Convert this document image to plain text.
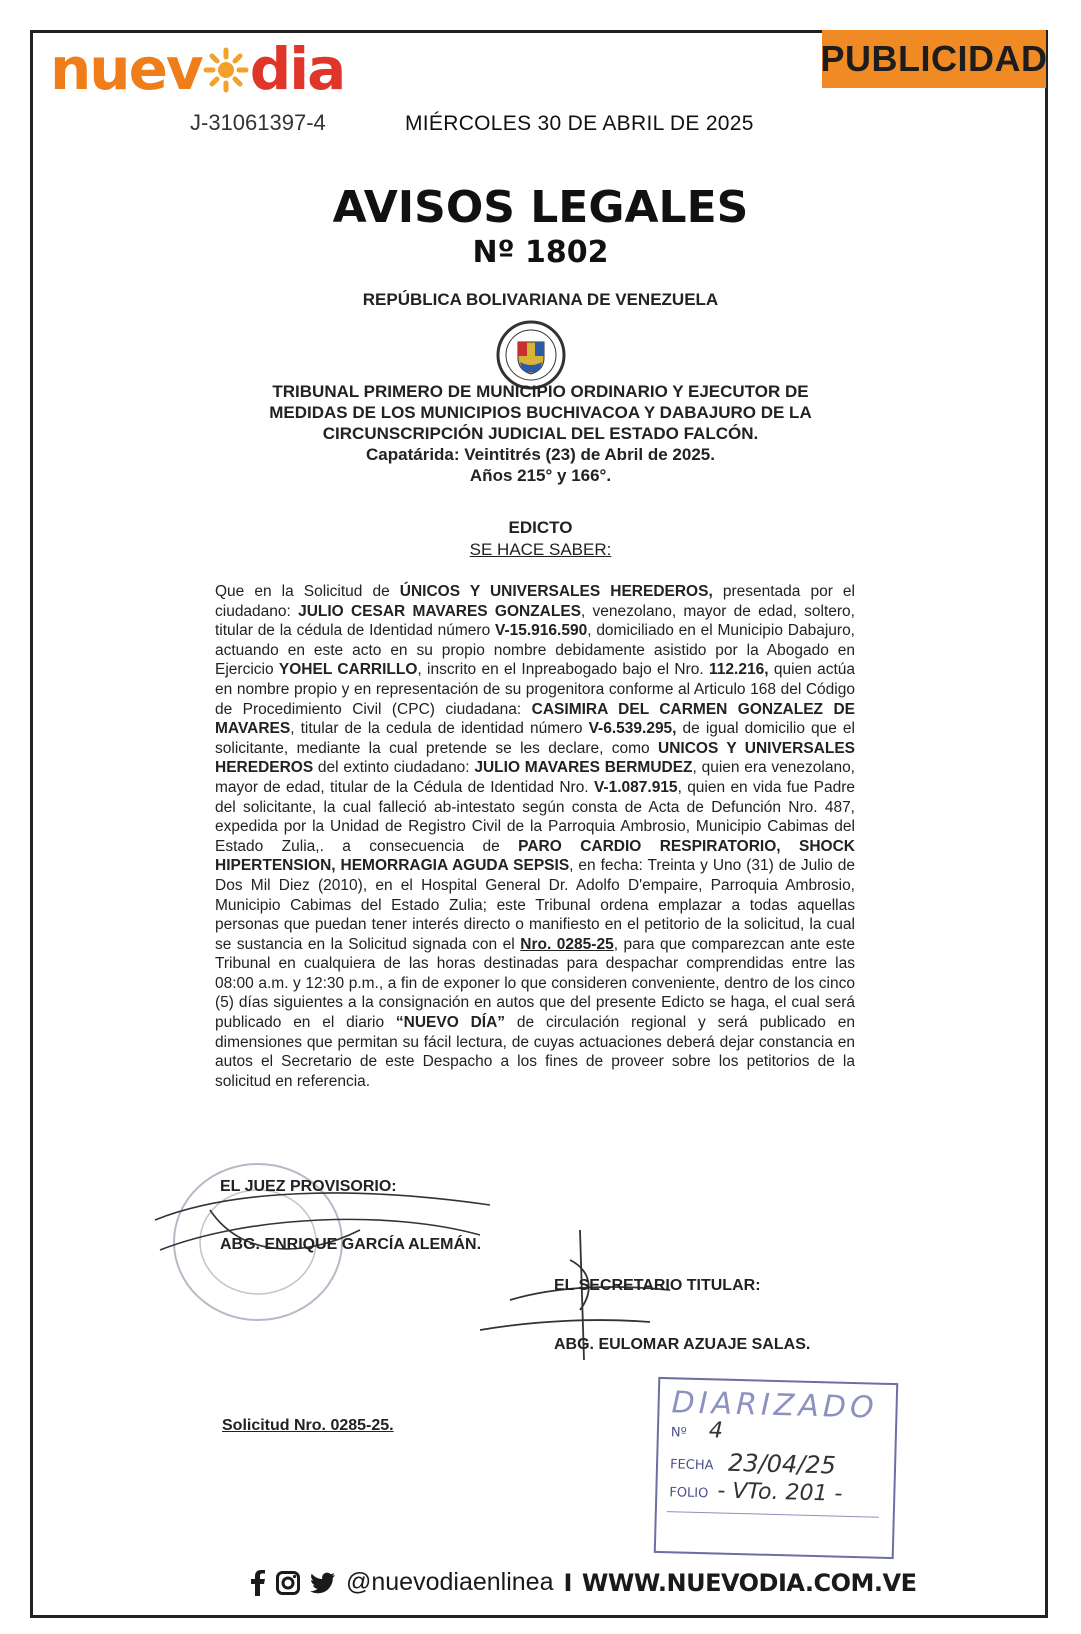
nuev dia
J-31061397-4	MIÉRCOLES 30 DE ABRIL DE 2025
PUBLICIDAD
AVISOS LEGALES
Nº 1802
REPÚBLICA BOLIVARIANA DE VENEZUELA
TRIBUNAL PRIMERO DE MUNICIPIO ORDINARIO Y EJECUTOR DE
MEDIDAS DE LOS MUNICIPIOS BUCHIVACOA Y DABAJURO DE LA
CIRCUNSCRIPCIÓN JUDICIAL DEL ESTADO FALCÓN.
Capatárida: Veintitrés (23) de Abril de 2025.
Años 215° y 166°.
EDICTO
SE HACE SABER:
Que en la Solicitud de ÚNICOS Y UNIVERSALES HEREDEROS, presentada por el ciudadano: JULIO CESAR MAVARES GONZALES, venezolano, mayor de edad, soltero, titular de la cédula de Identidad número V-15.916.590, domiciliado en el Municipio Dabajuro, actuando en este acto en su propio nombre debidamente asistido por la Abogado en Ejercicio YOHEL CARRILLO, inscrito en el Inpreabogado bajo el Nro. 112.216, quien actúa en nombre propio y en representación de su progenitora conforme al Articulo 168 del Código de Procedimiento Civil (CPC) ciudadana: CASIMIRA DEL CARMEN GONZALEZ DE MAVARES, titular de la cedula de identidad número V-6.539.295, de igual domicilio que el solicitante, mediante la cual pretende se les declare, como UNICOS Y UNIVERSALES HEREDEROS del extinto ciudadano: JULIO MAVARES BERMUDEZ, quien era venezolano, mayor de edad, titular de la Cédula de Identidad Nro. V-1.087.915, quien en vida fue Padre del solicitante, la cual falleció ab-intestato según consta de Acta de Defunción Nro. 487, expedida por la Unidad de Registro Civil de la Parroquia Ambrosio, Municipio Cabimas del Estado Zulia,. a consecuencia de PARO CARDIO RESPIRATORIO, SHOCK HIPERTENSION, HEMORRAGIA AGUDA SEPSIS, en fecha: Treinta y Uno (31) de Julio de Dos Mil Diez (2010), en el Hospital General Dr. Adolfo D'empaire, Parroquia Ambrosio, Municipio Cabimas del Estado Zulia; este Tribunal ordena emplazar a todas aquellas personas que puedan tener interés directo o manifiesto en el petitorio de la solicitud, la cual se sustancia en la Solicitud signada con el Nro. 0285-25, para que comparezcan ante este Tribunal en cualquiera de las horas destinadas para despachar comprendidas entre las 08:00 a.m. y 12:30 p.m., a fin de exponer lo que consideren conveniente, dentro de los cinco (5) días siguientes a la consignación en autos que del presente Edicto se haga, el cual será publicado en el diario “NUEVO DÍA” de circulación regional y será publicado en dimensiones que permitan su fácil lectura, de cuyas actuaciones deberá dejar constancia en autos el Secretario de este Despacho a los fines de proveer sobre los petitorios de la solicitud en referencia.
EL JUEZ PROVISORIO:
ABG. ENRIQUE GARCÍA ALEMÁN.
EL SECRETARIO TITULAR:
ABG. EULOMAR AZUAJE SALAS.
Solicitud Nro. 0285-25.	DIARIZADO
Nº 4
FECHA 23/04/25
FOLIO - VTo. 201 -
@nuevodiaenlinea I WWW.NUEVODIA.COM.VE
